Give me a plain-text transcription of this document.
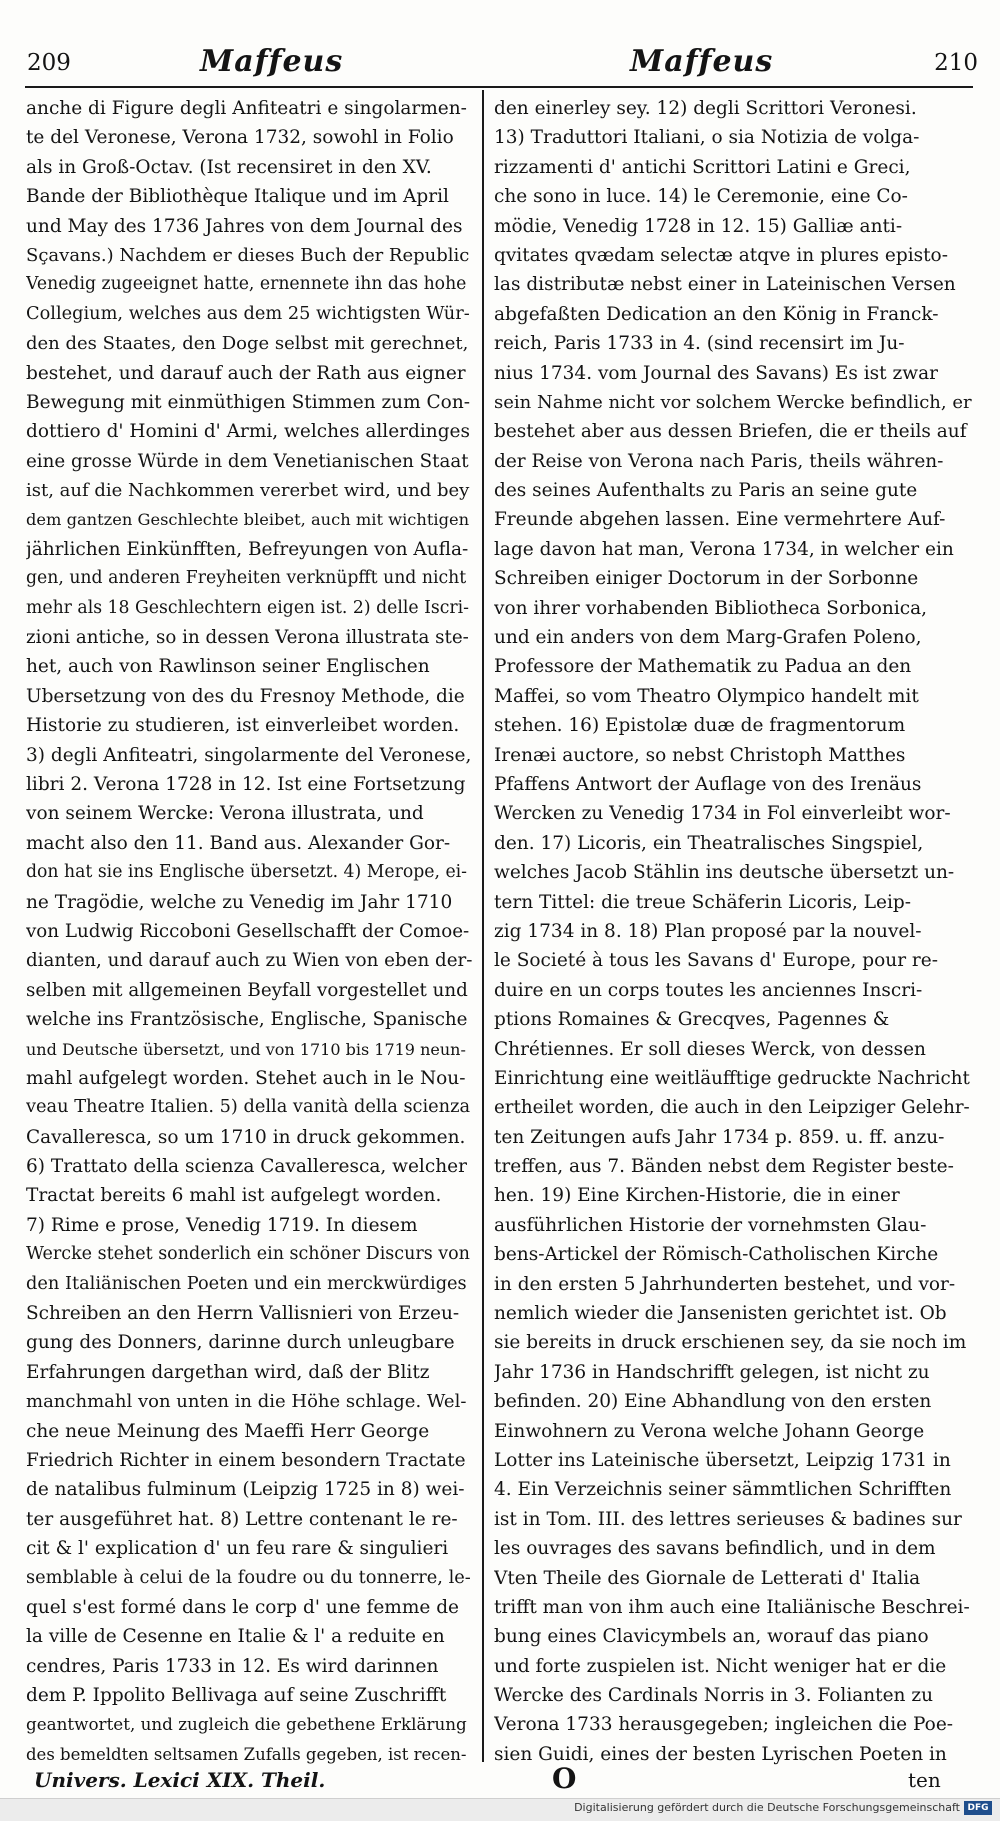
209	Maffeus	Maffeus	210
anche di Figure degli Anfiteatri e singolarmen-
te del Veronese, Verona 1732, sowohl in Folio
als in Groß-Octav. (Ist recensiret in den XV.
Bande der Bibliothèque Italique und im April
und May des 1736 Jahres von dem Journal des
Sçavans.) Nachdem er dieses Buch der Republic
Venedig zugeeignet hatte, ernennete ihn das hohe
Collegium, welches aus dem 25 wichtigsten Wür-
den des Staates, den Doge selbst mit gerechnet,
bestehet, und darauf auch der Rath aus eigner
Bewegung mit einmüthigen Stimmen zum Con-
dottiero d' Homini d' Armi, welches allerdinges
eine grosse Würde in dem Venetianischen Staat
ist, auf die Nachkommen vererbet wird, und bey
dem gantzen Geschlechte bleibet, auch mit wichtigen
jährlichen Einkünfften, Befreyungen von Aufla-
gen, und anderen Freyheiten verknüpfft und nicht
mehr als 18 Geschlechtern eigen ist. 2) delle Iscri-
zioni antiche, so in dessen Verona illustrata ste-
het, auch von Rawlinson seiner Englischen
Ubersetzung von des du Fresnoy Methode, die
Historie zu studieren, ist einverleibet worden.
3) degli Anfiteatri, singolarmente del Veronese,
libri 2. Verona 1728 in 12. Ist eine Fortsetzung
von seinem Wercke: Verona illustrata, und
macht also den 11. Band aus. Alexander Gor-
don hat sie ins Englische übersetzt. 4) Merope, ei-
ne Tragödie, welche zu Venedig im Jahr 1710
von Ludwig Riccoboni Gesellschafft der Comoe-
dianten, und darauf auch zu Wien von eben der-
selben mit allgemeinen Beyfall vorgestellet und
welche ins Frantzösische, Englische, Spanische
und Deutsche übersetzt, und von 1710 bis 1719 neun-
mahl aufgelegt worden. Stehet auch in le Nou-
veau Theatre Italien. 5) della vanità della scienza
Cavalleresca, so um 1710 in druck gekommen.
6) Trattato della scienza Cavalleresca, welcher
Tractat bereits 6 mahl ist aufgelegt worden.
7) Rime e prose, Venedig 1719. In diesem
Wercke stehet sonderlich ein schöner Discurs von
den Italiänischen Poeten und ein merckwürdiges
Schreiben an den Herrn Vallisnieri von Erzeu-
gung des Donners, darinne durch unleugbare
Erfahrungen dargethan wird, daß der Blitz
manchmahl von unten in die Höhe schlage. Wel-
che neue Meinung des Maeffi Herr George
Friedrich Richter in einem besondern Tractate
de natalibus fulminum (Leipzig 1725 in 8) wei-
ter ausgeführet hat. 8) Lettre contenant le re-
cit & l' explication d' un feu rare & singulieri
semblable à celui de la foudre ou du tonnerre, le-
quel s'est formé dans le corp d' une femme de
la ville de Cesenne en Italie & l' a reduite en
cendres, Paris 1733 in 12. Es wird darinnen
dem P. Ippolito Bellivaga auf seine Zuschrifft
geantwortet, und zugleich die gebethene Erklärung
des bemeldten seltsamen Zufalls gegeben, ist recen-
den einerley sey. 12) degli Scrittori Veronesi.
13) Traduttori Italiani, o sia Notizia de volga-
rizzamenti d' antichi Scrittori Latini e Greci,
che sono in luce. 14) le Ceremonie, eine Co-
mödie, Venedig 1728 in 12. 15) Galliæ anti-
qvitates qvædam selectæ atqve in plures episto-
las distributæ nebst einer in Lateinischen Versen
abgefaßten Dedication an den König in Franck-
reich, Paris 1733 in 4. (sind recensirt im Ju-
nius 1734. vom Journal des Savans) Es ist zwar
sein Nahme nicht vor solchem Wercke befindlich, er
bestehet aber aus dessen Briefen, die er theils auf
der Reise von Verona nach Paris, theils währen-
des seines Aufenthalts zu Paris an seine gute
Freunde abgehen lassen. Eine vermehrtere Auf-
lage davon hat man, Verona 1734, in welcher ein
Schreiben einiger Doctorum in der Sorbonne
von ihrer vorhabenden Bibliotheca Sorbonica,
und ein anders von dem Marg-Grafen Poleno,
Professore der Mathematik zu Padua an den
Maffei, so vom Theatro Olympico handelt mit
stehen. 16) Epistolæ duæ de fragmentorum
Irenæi auctore, so nebst Christoph Matthes
Pfaffens Antwort der Auflage von des Irenäus
Wercken zu Venedig 1734 in Fol einverleibt wor-
den. 17) Licoris, ein Theatralisches Singspiel,
welches Jacob Stählin ins deutsche übersetzt un-
tern Tittel: die treue Schäferin Licoris, Leip-
zig 1734 in 8. 18) Plan proposé par la nouvel-
le Societé à tous les Savans d' Europe, pour re-
duire en un corps toutes les anciennes Inscri-
ptions Romaines & Grecqves, Pagennes &
Chrétiennes. Er soll dieses Werck, von dessen
Einrichtung eine weitläufftige gedruckte Nachricht
ertheilet worden, die auch in den Leipziger Gelehr-
ten Zeitungen aufs Jahr 1734 p. 859. u. ff. anzu-
treffen, aus 7. Bänden nebst dem Register beste-
hen. 19) Eine Kirchen-Historie, die in einer
ausführlichen Historie der vornehmsten Glau-
bens-Artickel der Römisch-Catholischen Kirche
in den ersten 5 Jahrhunderten bestehet, und vor-
nemlich wieder die Jansenisten gerichtet ist. Ob
sie bereits in druck erschienen sey, da sie noch im
Jahr 1736 in Handschrifft gelegen, ist nicht zu
befinden. 20) Eine Abhandlung von den ersten
Einwohnern zu Verona welche Johann George
Lotter ins Lateinische übersetzt, Leipzig 1731 in
4. Ein Verzeichnis seiner sämmtlichen Schrifften
ist in Tom. III. des lettres serieuses & badines sur
les ouvrages des savans befindlich, und in dem
Vten Theile des Giornale de Letterati d' Italia
trifft man von ihm auch eine Italiänische Beschrei-
bung eines Clavicymbels an, worauf das piano
und forte zuspielen ist. Nicht weniger hat er die
Wercke des Cardinals Norris in 3. Folianten zu
Verona 1733 herausgegeben; ingleichen die Poe-
sien Guidi, eines der besten Lyrischen Poeten in
Univers. Lexici XIX. Theil.	O	ten
Digitalisierung gefördert durch die Deutsche Forschungsgemeinschaft DFG
